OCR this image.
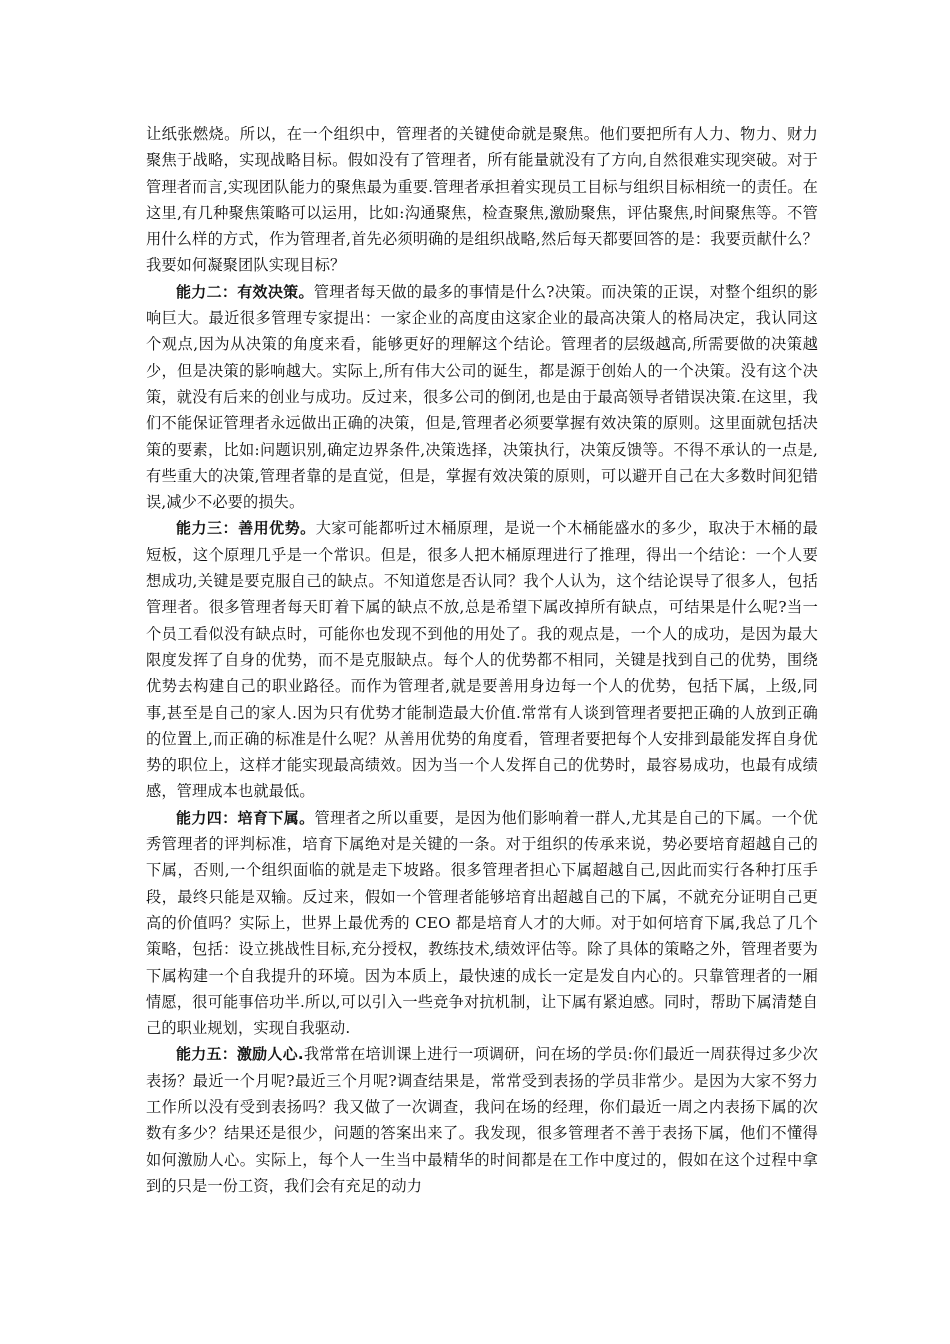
让纸张燃烧。所以，在一个组织中，管理者的关键使命就是聚焦。他们要把所有人力、物力、财力聚焦于战略，实现战略目标。假如没有了管理者，所有能量就没有了方向,自然很难实现突破。对于管理者而言,实现团队能力的聚焦最为重要.管理者承担着实现员工目标与组织目标相统一的责任。在这里,有几种聚焦策略可以运用，比如:沟通聚焦，检查聚焦,激励聚焦，评估聚焦,时间聚焦等。不管用什么样的方式，作为管理者,首先必须明确的是组织战略,然后每天都要回答的是：我要贡献什么？我要如何凝聚团队实现目标？

能力二：有效决策。管理者每天做的最多的事情是什么?决策。而决策的正误，对整个组织的影响巨大。最近很多管理专家提出：一家企业的高度由这家企业的最高决策人的格局决定，我认同这个观点,因为从决策的角度来看，能够更好的理解这个结论。管理者的层级越高,所需要做的决策越少，但是决策的影响越大。实际上,所有伟大公司的诞生，都是源于创始人的一个决策。没有这个决策，就没有后来的创业与成功。反过来，很多公司的倒闭,也是由于最高领导者错误决策.在这里，我们不能保证管理者永远做出正确的决策，但是,管理者必须要掌握有效决策的原则。这里面就包括决策的要素，比如:问题识别,确定边界条件,决策选择，决策执行，决策反馈等。不得不承认的一点是,有些重大的决策,管理者靠的是直觉，但是，掌握有效决策的原则，可以避开自己在大多数时间犯错误,减少不必要的损失。

能力三：善用优势。大家可能都听过木桶原理，是说一个木桶能盛水的多少，取决于木桶的最短板，这个原理几乎是一个常识。但是，很多人把木桶原理进行了推理，得出一个结论：一个人要想成功,关键是要克服自己的缺点。不知道您是否认同？我个人认为，这个结论误导了很多人，包括管理者。很多管理者每天盯着下属的缺点不放,总是希望下属改掉所有缺点，可结果是什么呢?当一个员工看似没有缺点时，可能你也发现不到他的用处了。我的观点是，一个人的成功，是因为最大限度发挥了自身的优势，而不是克服缺点。每个人的优势都不相同，关键是找到自己的优势，围绕优势去构建自己的职业路径。而作为管理者,就是要善用身边每一个人的优势，包括下属，上级,同事,甚至是自己的家人.因为只有优势才能制造最大价值.常常有人谈到管理者要把正确的人放到正确的位置上,而正确的标准是什么呢？从善用优势的角度看，管理者要把每个人安排到最能发挥自身优势的职位上，这样才能实现最高绩效。因为当一个人发挥自己的优势时，最容易成功，也最有成绩感，管理成本也就最低。

能力四：培育下属。管理者之所以重要，是因为他们影响着一群人,尤其是自己的下属。一个优秀管理者的评判标准，培育下属绝对是关键的一条。对于组织的传承来说，势必要培育超越自己的下属，否则,一个组织面临的就是走下坡路。很多管理者担心下属超越自己,因此而实行各种打压手段，最终只能是双输。反过来，假如一个管理者能够培育出超越自己的下属，不就充分证明自己更高的价值吗？实际上，世界上最优秀的 CEO 都是培育人才的大师。对于如何培育下属,我总了几个策略，包括：设立挑战性目标,充分授权，教练技术,绩效评估等。除了具体的策略之外，管理者要为下属构建一个自我提升的环境。因为本质上，最快速的成长一定是发自内心的。只靠管理者的一厢情愿，很可能事倍功半.所以,可以引入一些竞争对抗机制，让下属有紧迫感。同时，帮助下属清楚自己的职业规划，实现自我驱动.

能力五：激励人心.我常常在培训课上进行一项调研，问在场的学员:你们最近一周获得过多少次表扬？最近一个月呢?最近三个月呢?调查结果是，常常受到表扬的学员非常少。是因为大家不努力工作所以没有受到表扬吗？我又做了一次调查，我问在场的经理，你们最近一周之内表扬下属的次数有多少？结果还是很少，问题的答案出来了。我发现，很多管理者不善于表扬下属，他们不懂得如何激励人心。实际上，每个人一生当中最精华的时间都是在工作中度过的，假如在这个过程中拿到的只是一份工资，我们会有充足的动力
